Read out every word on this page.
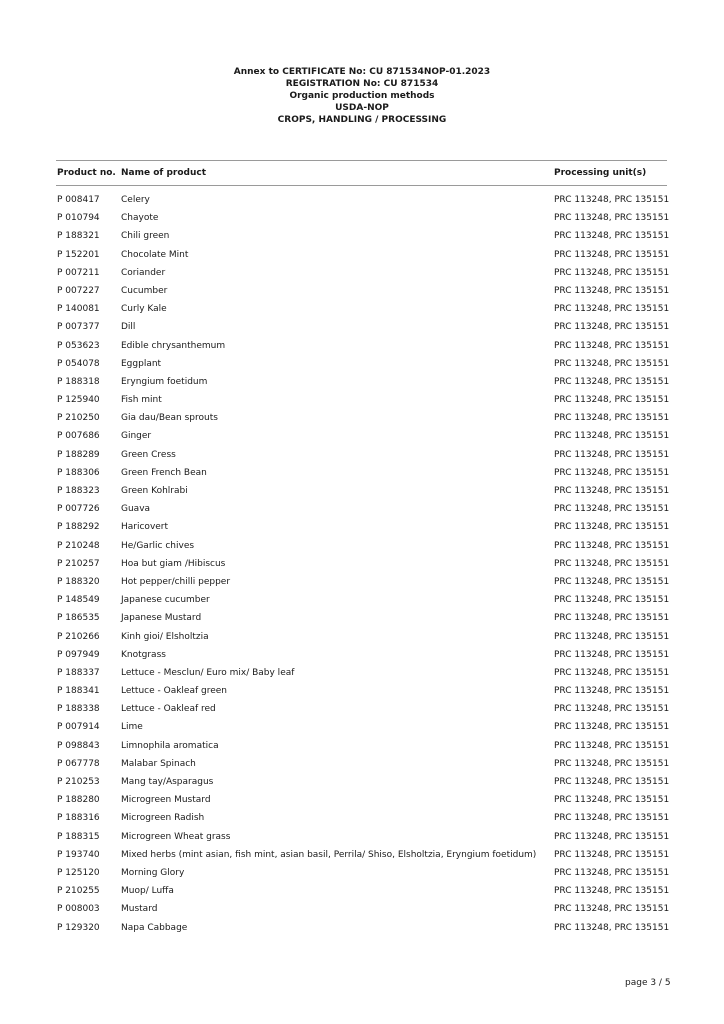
Annex to CERTIFICATE No: CU 871534NOP-01.2023
REGISTRATION No: CU 871534
Organic production methods
USDA-NOP
CROPS, HANDLING / PROCESSING
Product no. Name of product	Processing unit(s)
P 008417 Celery	PRC 113248, PRC 135151
P 010794 Chayote	PRC 113248, PRC 135151
P 188321 Chili green	PRC 113248, PRC 135151
P 152201 Chocolate Mint	PRC 113248, PRC 135151
P 007211 Coriander	PRC 113248, PRC 135151
P 007227 Cucumber	PRC 113248, PRC 135151
P 140081 Curly Kale	PRC 113248, PRC 135151
P 007377 Dill	PRC 113248, PRC 135151
P 053623 Edible chrysanthemum	PRC 113248, PRC 135151
P 054078 Eggplant	PRC 113248, PRC 135151
P 188318 Eryngium foetidum	PRC 113248, PRC 135151
P 125940 Fish mint	PRC 113248, PRC 135151
P 210250 Gia dau/Bean sprouts	PRC 113248, PRC 135151
P 007686 Ginger	PRC 113248, PRC 135151
P 188289 Green Cress	PRC 113248, PRC 135151
P 188306 Green French Bean	PRC 113248, PRC 135151
P 188323 Green Kohlrabi	PRC 113248, PRC 135151
P 007726 Guava	PRC 113248, PRC 135151
P 188292 Haricovert	PRC 113248, PRC 135151
P 210248 He/Garlic chives	PRC 113248, PRC 135151
P 210257 Hoa but giam /Hibiscus	PRC 113248, PRC 135151
P 188320 Hot pepper/chilli pepper	PRC 113248, PRC 135151
P 148549 Japanese cucumber	PRC 113248, PRC 135151
P 186535 Japanese Mustard	PRC 113248, PRC 135151
P 210266 Kinh gioi/ Elsholtzia	PRC 113248, PRC 135151
P 097949 Knotgrass	PRC 113248, PRC 135151
P 188337 Lettuce - Mesclun/ Euro mix/ Baby leaf	PRC 113248, PRC 135151
P 188341 Lettuce - Oakleaf green	PRC 113248, PRC 135151
P 188338 Lettuce - Oakleaf red	PRC 113248, PRC 135151
P 007914 Lime	PRC 113248, PRC 135151
P 098843 Limnophila aromatica	PRC 113248, PRC 135151
P 067778 Malabar Spinach	PRC 113248, PRC 135151
P 210253 Mang tay/Asparagus	PRC 113248, PRC 135151
P 188280 Microgreen Mustard	PRC 113248, PRC 135151
P 188316 Microgreen Radish	PRC 113248, PRC 135151
P 188315 Microgreen Wheat grass	PRC 113248, PRC 135151
P 193740 Mixed herbs (mint asian, fish mint, asian basil, Perrila/ Shiso, Elsholtzia, Eryngium foetidum) PRC 113248, PRC 135151
P 125120 Morning Glory	PRC 113248, PRC 135151
P 210255 Muop/ Luffa	PRC 113248, PRC 135151
P 008003 Mustard	PRC 113248, PRC 135151
P 129320 Napa Cabbage	PRC 113248, PRC 135151
page 3 / 5
